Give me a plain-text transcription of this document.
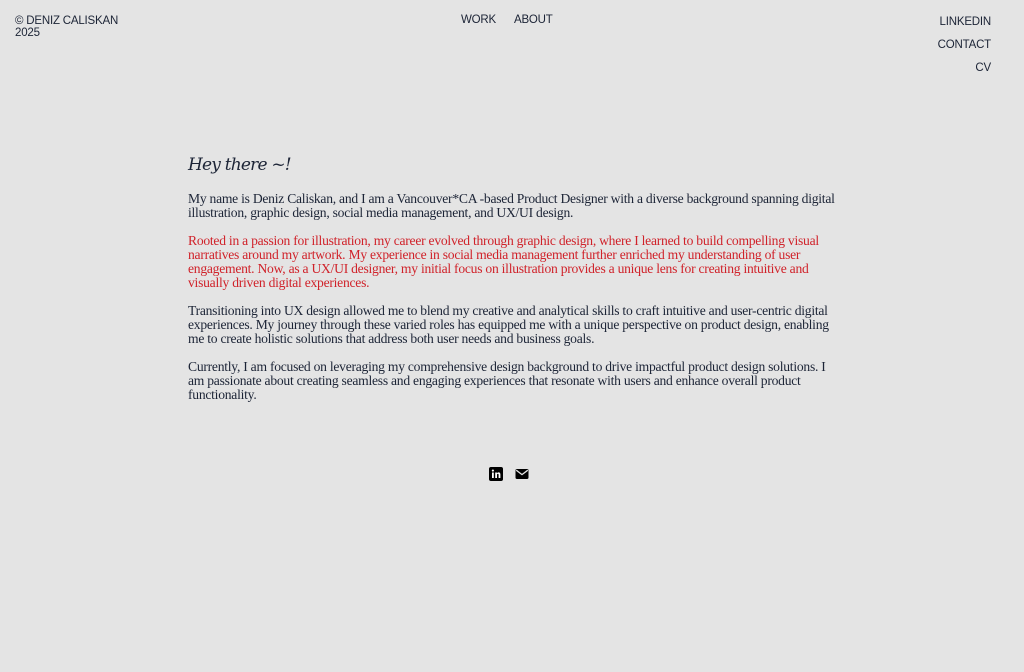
© DENIZ CALISKAN
2025
WORK ABOUT	LINKEDIN
CONTACT
CV
Hey there ~!

My name is Deniz Caliskan, and I am a Vancouver*CA -based Product Designer with a diverse background spanning digital illustration, graphic design, social media management, and UX/UI design.

Rooted in a passion for illustration, my career evolved through graphic design, where I learned to build compelling visual narratives around my artwork. My experience in social media management further enriched my understanding of user engagement. Now, as a UX/UI designer, my initial focus on illustration provides a unique lens for creating intuitive and visually driven digital experiences.

Transitioning into UX design allowed me to blend my creative and analytical skills to craft intuitive and user-centric digital experiences. My journey through these varied roles has equipped me with a unique perspective on product design, enabling me to create holistic solutions that address both user needs and business goals.

Currently, I am focused on leveraging my comprehensive design background to drive impactful product design solutions. I am passionate about creating seamless and engaging experiences that resonate with users and enhance overall product functionality.
